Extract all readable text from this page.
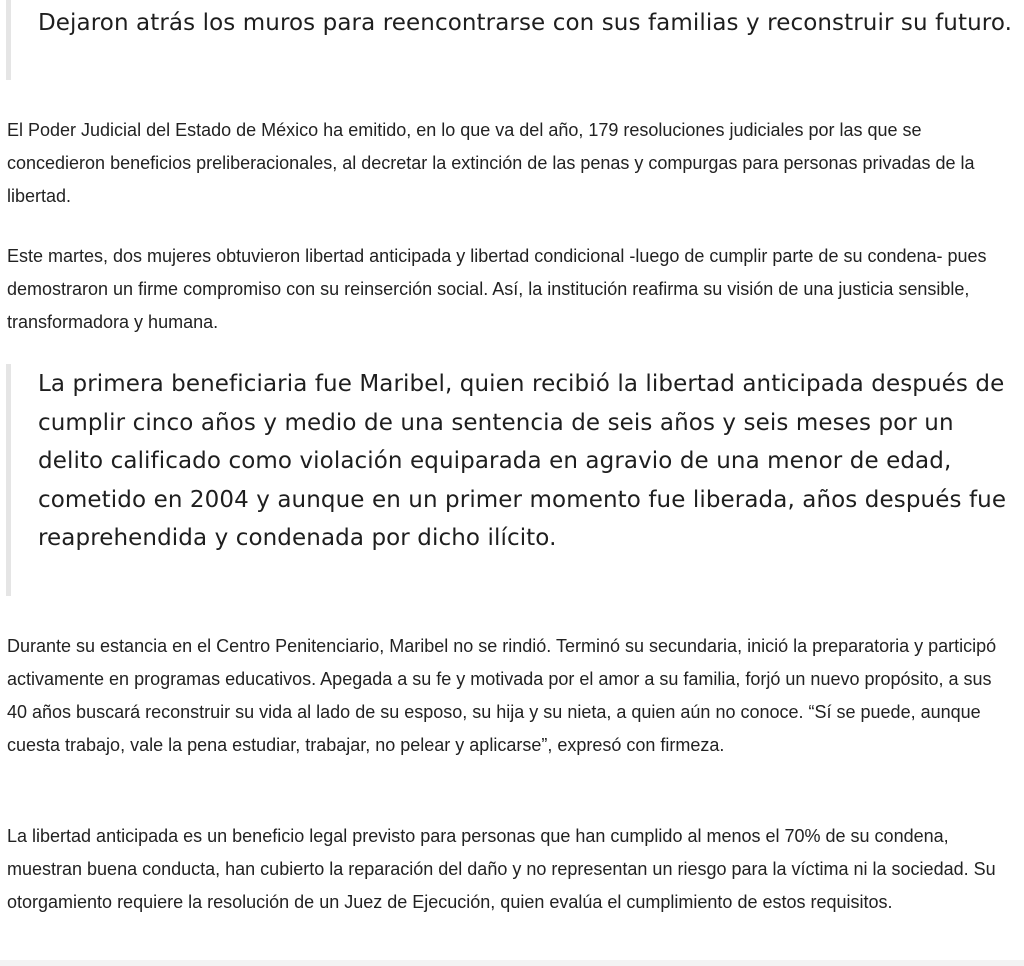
Dejaron atrás los muros para reencontrarse con sus familias y reconstruir su futuro.

El Poder Judicial del Estado de México ha emitido, en lo que va del año, 179 resoluciones judiciales por las que se concedieron beneficios preliberacionales, al decretar la extinción de las penas y compurgas para personas privadas de la libertad.

Este martes, dos mujeres obtuvieron libertad anticipada y libertad condicional -luego de cumplir parte de su condena- pues demostraron un firme compromiso con su reinserción social. Así, la institución reafirma su visión de una justicia sensible, transformadora y humana.

La primera beneficiaria fue Maribel, quien recibió la libertad anticipada después de cumplir cinco años y medio de una sentencia de seis años y seis meses por un delito calificado como violación equiparada en agravio de una menor de edad, cometido en 2004 y aunque en un primer momento fue liberada, años después fue reaprehendida y condenada por dicho ilícito.

Durante su estancia en el Centro Penitenciario, Maribel no se rindió. Terminó su secundaria, inició la preparatoria y participó activamente en programas educativos. Apegada a su fe y motivada por el amor a su familia, forjó un nuevo propósito, a sus 40 años buscará reconstruir su vida al lado de su esposo, su hija y su nieta, a quien aún no conoce. “Sí se puede, aunque cuesta trabajo, vale la pena estudiar, trabajar, no pelear y aplicarse”, expresó con firmeza.

La libertad anticipada es un beneficio legal previsto para personas que han cumplido al menos el 70% de su condena, muestran buena conducta, han cubierto la reparación del daño y no representan un riesgo para la víctima ni la sociedad. Su otorgamiento requiere la resolución de un Juez de Ejecución, quien evalúa el cumplimiento de estos requisitos.
